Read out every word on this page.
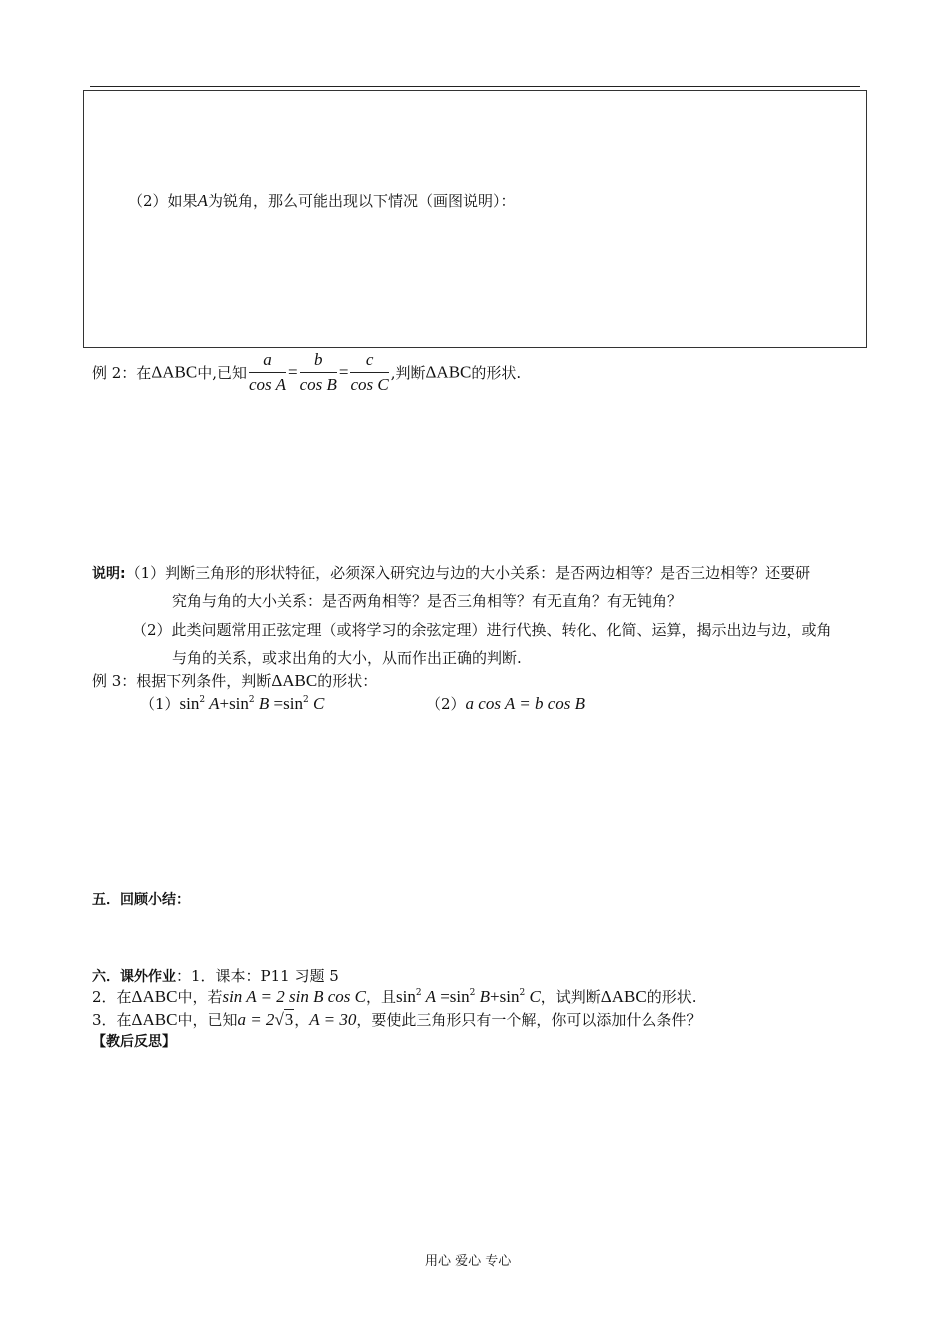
（2）如果A为锐角，那么可能出现以下情况（画图说明）：
例 2：在ΔABC中,已知 $\frac{a}{\text{cos A}} = \frac{b}{\text{cos B}} = \frac{c}{\text{cos C}}$ ,判断ΔABC的形状.
说明:（1）判断三角形的形状特征，必须深入研究边与边的大小关系：是否两边相等？是否三边相等？还要研
究角与角的大小关系：是否两角相等？是否三角相等？有无直角？有无钝角？
（2）此类问题常用正弦定理（或将学习的余弦定理）进行代换、转化、化简、运算，揭示出边与边，或角
与角的关系，或求出角的大小，从而作出正确的判断.
例 3：根据下列条件，判断ΔABC的形状：
$(1)\sin^2$ $A+\sin^2$ $B =\sin^2$ C	（2）a cos A = b cos B
五．回顾小结：
六．课外作业：1．课本：P11 习题 5
2．在ΔABC中，若sin A = 2 sin B cos C，且$\sin^2 A =\sin^2$ $B+\sin^2$ C，试判断ΔABC的形状.
3．在ΔABC中，已知a = 2√3，A = 30，要使此三角形只有一个解，你可以添加什么条件？
【教后反思】
用心 爱心 专心
